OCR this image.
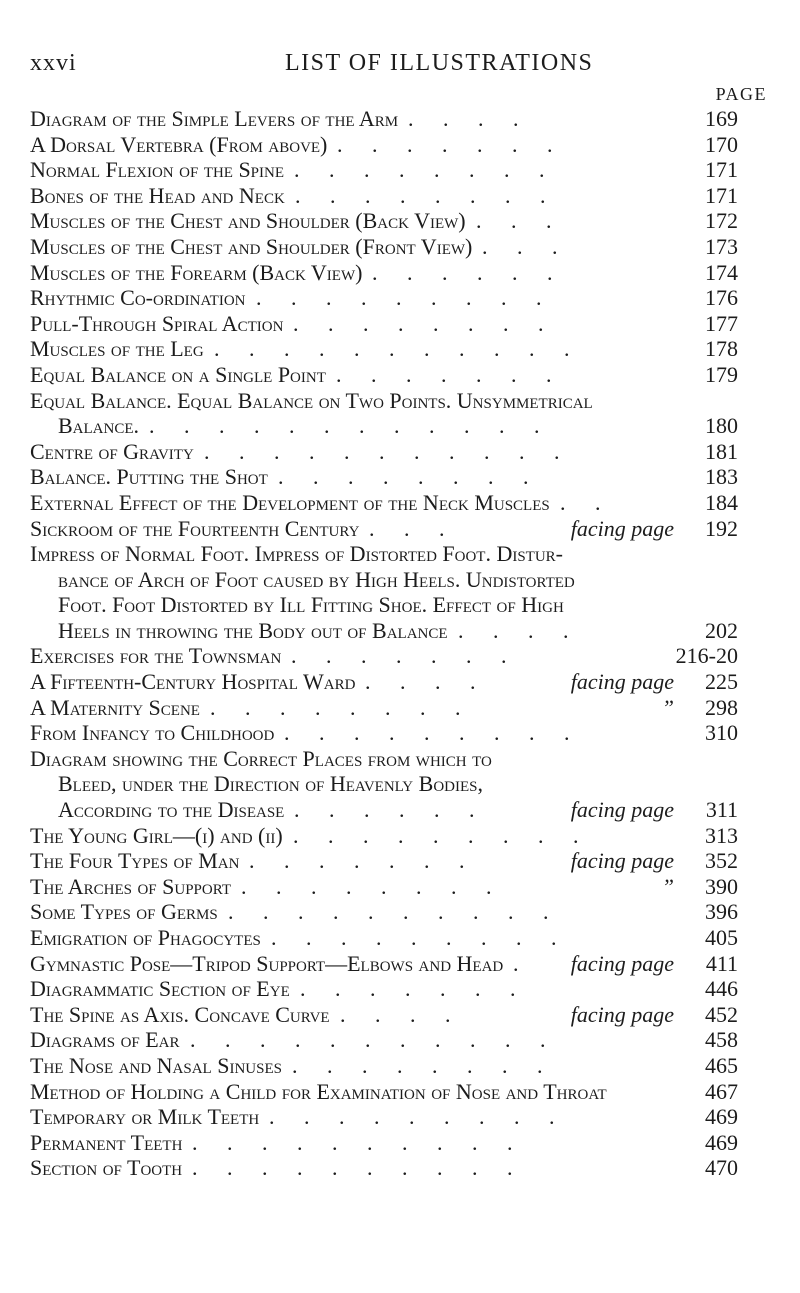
xxvi	LIST OF ILLUSTRATIONS
PAGE
Diagram of the Simple Levers of the Arm . . . .	169
A Dorsal Vertebra (From above) . . . . . . .	170
Normal Flexion of the Spine . . . . . . . .	171
Bones of the Head and Neck . . . . . . . .	171
Muscles of the Chest and Shoulder (Back View) . . .	172
Muscles of the Chest and Shoulder (Front View) . . .	173
Muscles of the Forearm (Back View) . . . . . .	174
Rhythmic Co-ordination . . . . . . . . .	176
Pull-Through Spiral Action . . . . . . . .	177
Muscles of the Leg . . . . . . . . . . .	178
Equal Balance on a Single Point . . . . . . .	179
Equal Balance. Equal Balance on Two Points. Unsymmetrical
Balance. . . . . . . . . . . . .	180
Centre of Gravity . . . . . . . . . . .	181
Balance. Putting the Shot . . . . . . . .	183
External Effect of the Development of the Neck Muscles . .	184
Sickroom of the Fourteenth Century . . .	facing page 192
Impress of Normal Foot. Impress of Distorted Foot. Distur-
bance of Arch of Foot caused by High Heels. Undistorted
Foot. Foot Distorted by Ill Fitting Shoe. Effect of High
Heels in throwing the Body out of Balance . . . .	202
Exercises for the Townsman . . . . . . .	216-20
A Fifteenth-Century Hospital Ward . . . .	facing page 225
A Maternity Scene . . . . . . . .	” 298
From Infancy to Childhood . . . . . . . . .	310
Diagram showing the Correct Places from which to
Bleed, under the Direction of Heavenly Bodies,
According to the Disease . . . . . .	facing page 311
The Young Girl—(i) and (ii) . . . . . . . . .	313
The Four Types of Man . . . . . . .	facing page 352
The Arches of Support . . . . . . . .	” 390
Some Types of Germs . . . . . . . . . .	396
Emigration of Phagocytes . . . . . . . . .	405
Gymnastic Pose—Tripod Support—Elbows and Head . facing page 411
Diagrammatic Section of Eye . . . . . . .	446
The Spine as Axis. Concave Curve . . . .	facing page 452
Diagrams of Ear . . . . . . . . . . .	458
The Nose and Nasal Sinuses . . . . . . . .	465
Method of Holding a Child for Examination of Nose and Throat	467
Temporary or Milk Teeth . . . . . . . . .	469
Permanent Teeth . . . . . . . . . .	469
Section of Tooth . . . . . . . . . .	470
